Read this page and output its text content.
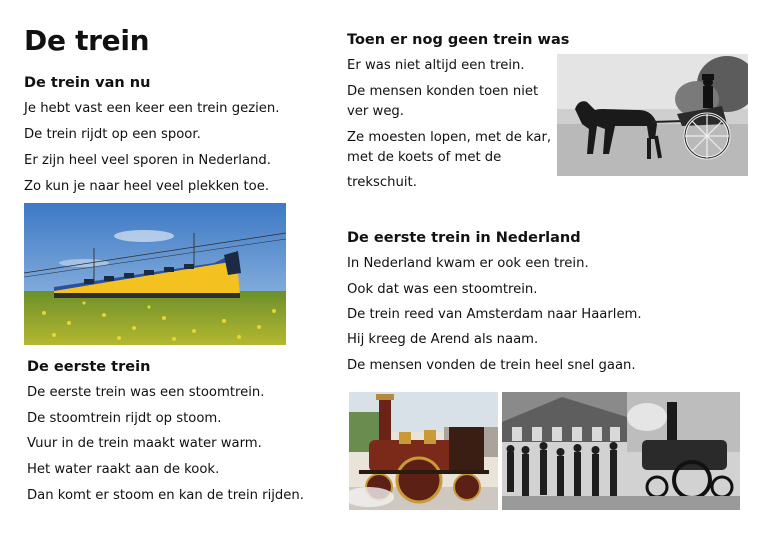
De trein
De trein van nu
Je hebt vast een keer een trein gezien.
De trein rijdt op een spoor.
Er zijn heel veel sporen in Nederland.
Zo kun je naar heel veel plekken toe.
De eerste trein
De eerste trein was een stoomtrein.
De stoomtrein rijdt op stoom.
Vuur in de trein maakt water warm.
Het water raakt aan de kook.
Dan komt er stoom en kan de trein rijden.
Toen er nog geen trein was
Er was niet altijd een trein.
De mensen konden toen niet
ver weg.
Ze moesten lopen, met de kar,
met de koets of met de
trekschuit.
De eerste trein in Nederland
In Nederland kwam er ook een trein.
Ook dat was een stoomtrein.
De trein reed van Amsterdam naar Haarlem.
Hij kreeg de Arend als naam.
De mensen vonden de trein heel snel gaan.
